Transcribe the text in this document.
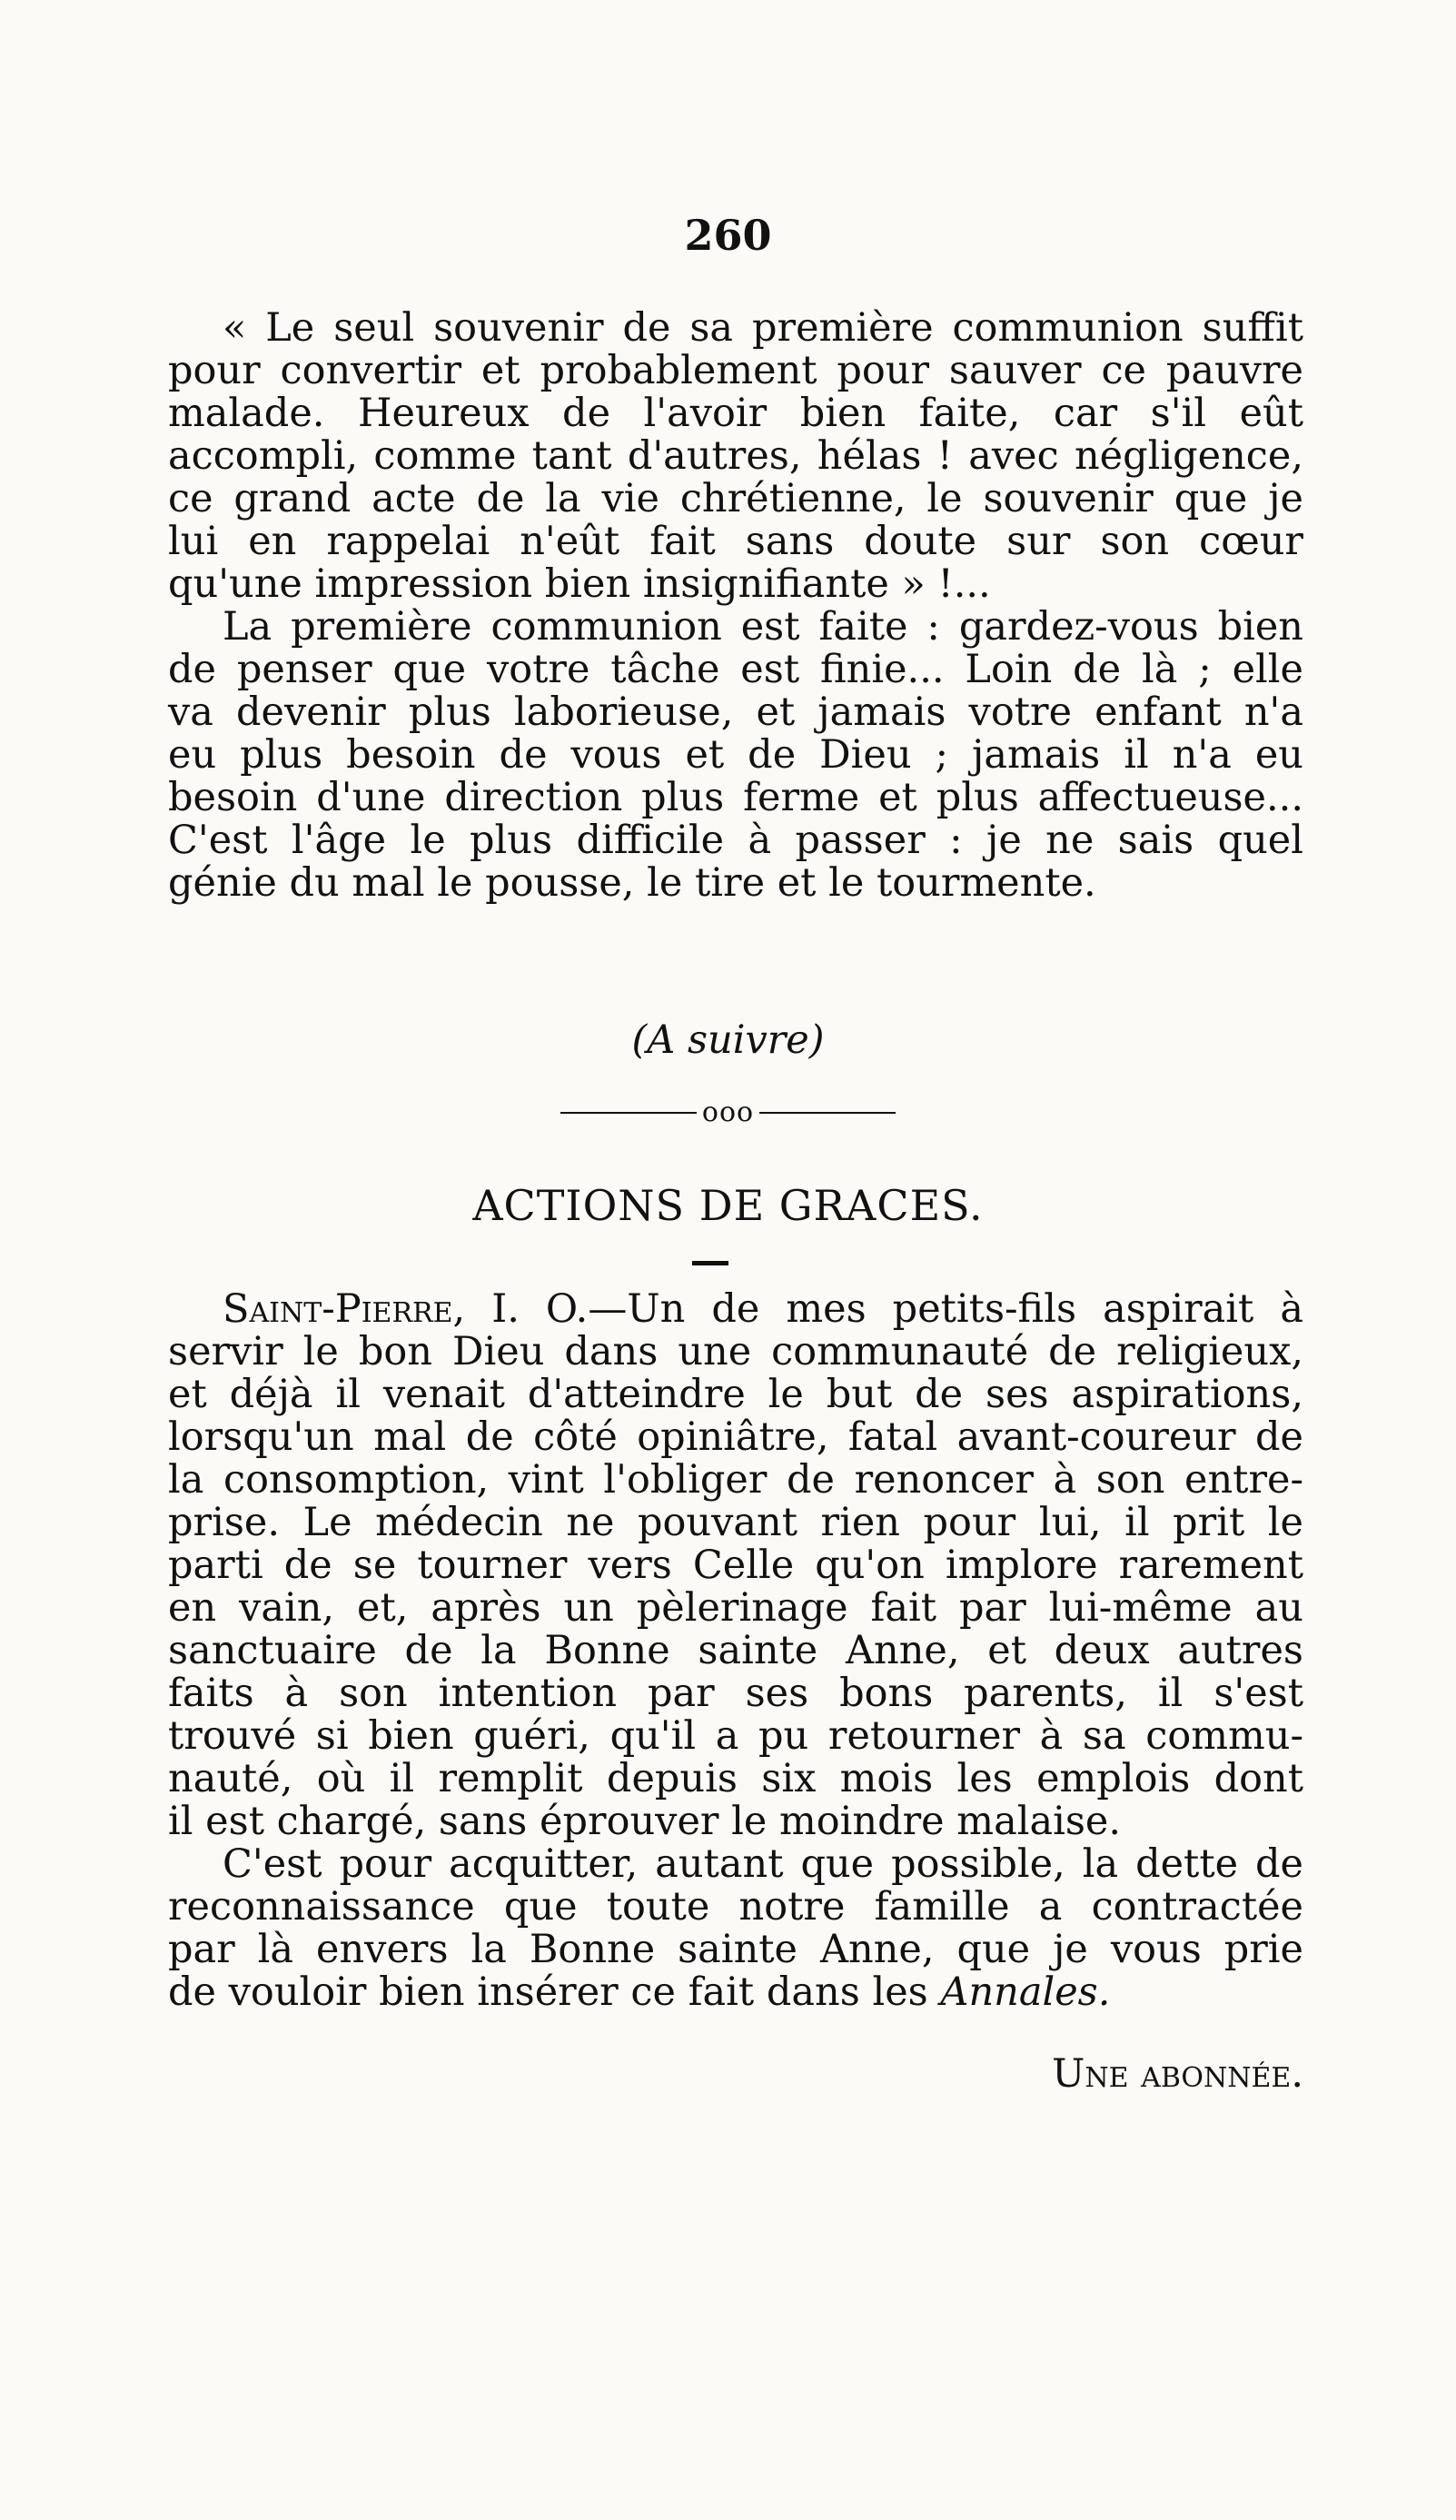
260

« Le seul souvenir de sa première communion suffit
pour convertir et probablement pour sauver ce pauvre
malade. Heureux de l'avoir bien faite, car s'il eût
accompli, comme tant d'autres, hélas ! avec négligence,
ce grand acte de la vie chrétienne, le souvenir que je
lui en rappelai n'eût fait sans doute sur son cœur
qu'une impression bien insignifiante » !...

La première communion est faite : gardez-vous bien
de penser que votre tâche est finie... Loin de là ; elle
va devenir plus laborieuse, et jamais votre enfant n'a
eu plus besoin de vous et de Dieu ; jamais il n'a eu
besoin d'une direction plus ferme et plus affectueuse...
C'est l'âge le plus difficile à passer : je ne sais quel
génie du mal le pousse, le tire et le tourmente.

(A suivre)
ooo
ACTIONS DE GRACES.

Saint-Pierre, I. O.—Un de mes petits-fils aspirait à
servir le bon Dieu dans une communauté de religieux,
et déjà il venait d'atteindre le but de ses aspirations,
lorsqu'un mal de côté opiniâtre, fatal avant-coureur de
la consomption, vint l'obliger de renoncer à son entre-
prise. Le médecin ne pouvant rien pour lui, il prit le
parti de se tourner vers Celle qu'on implore rarement
en vain, et, après un pèlerinage fait par lui-même au
sanctuaire de la Bonne sainte Anne, et deux autres
faits à son intention par ses bons parents, il s'est
trouvé si bien guéri, qu'il a pu retourner à sa commu-
nauté, où il remplit depuis six mois les emplois dont
il est chargé, sans éprouver le moindre malaise.

C'est pour acquitter, autant que possible, la dette de
reconnaissance que toute notre famille a contractée
par là envers la Bonne sainte Anne, que je vous prie
de vouloir bien insérer ce fait dans les Annales.

Une abonnée.
